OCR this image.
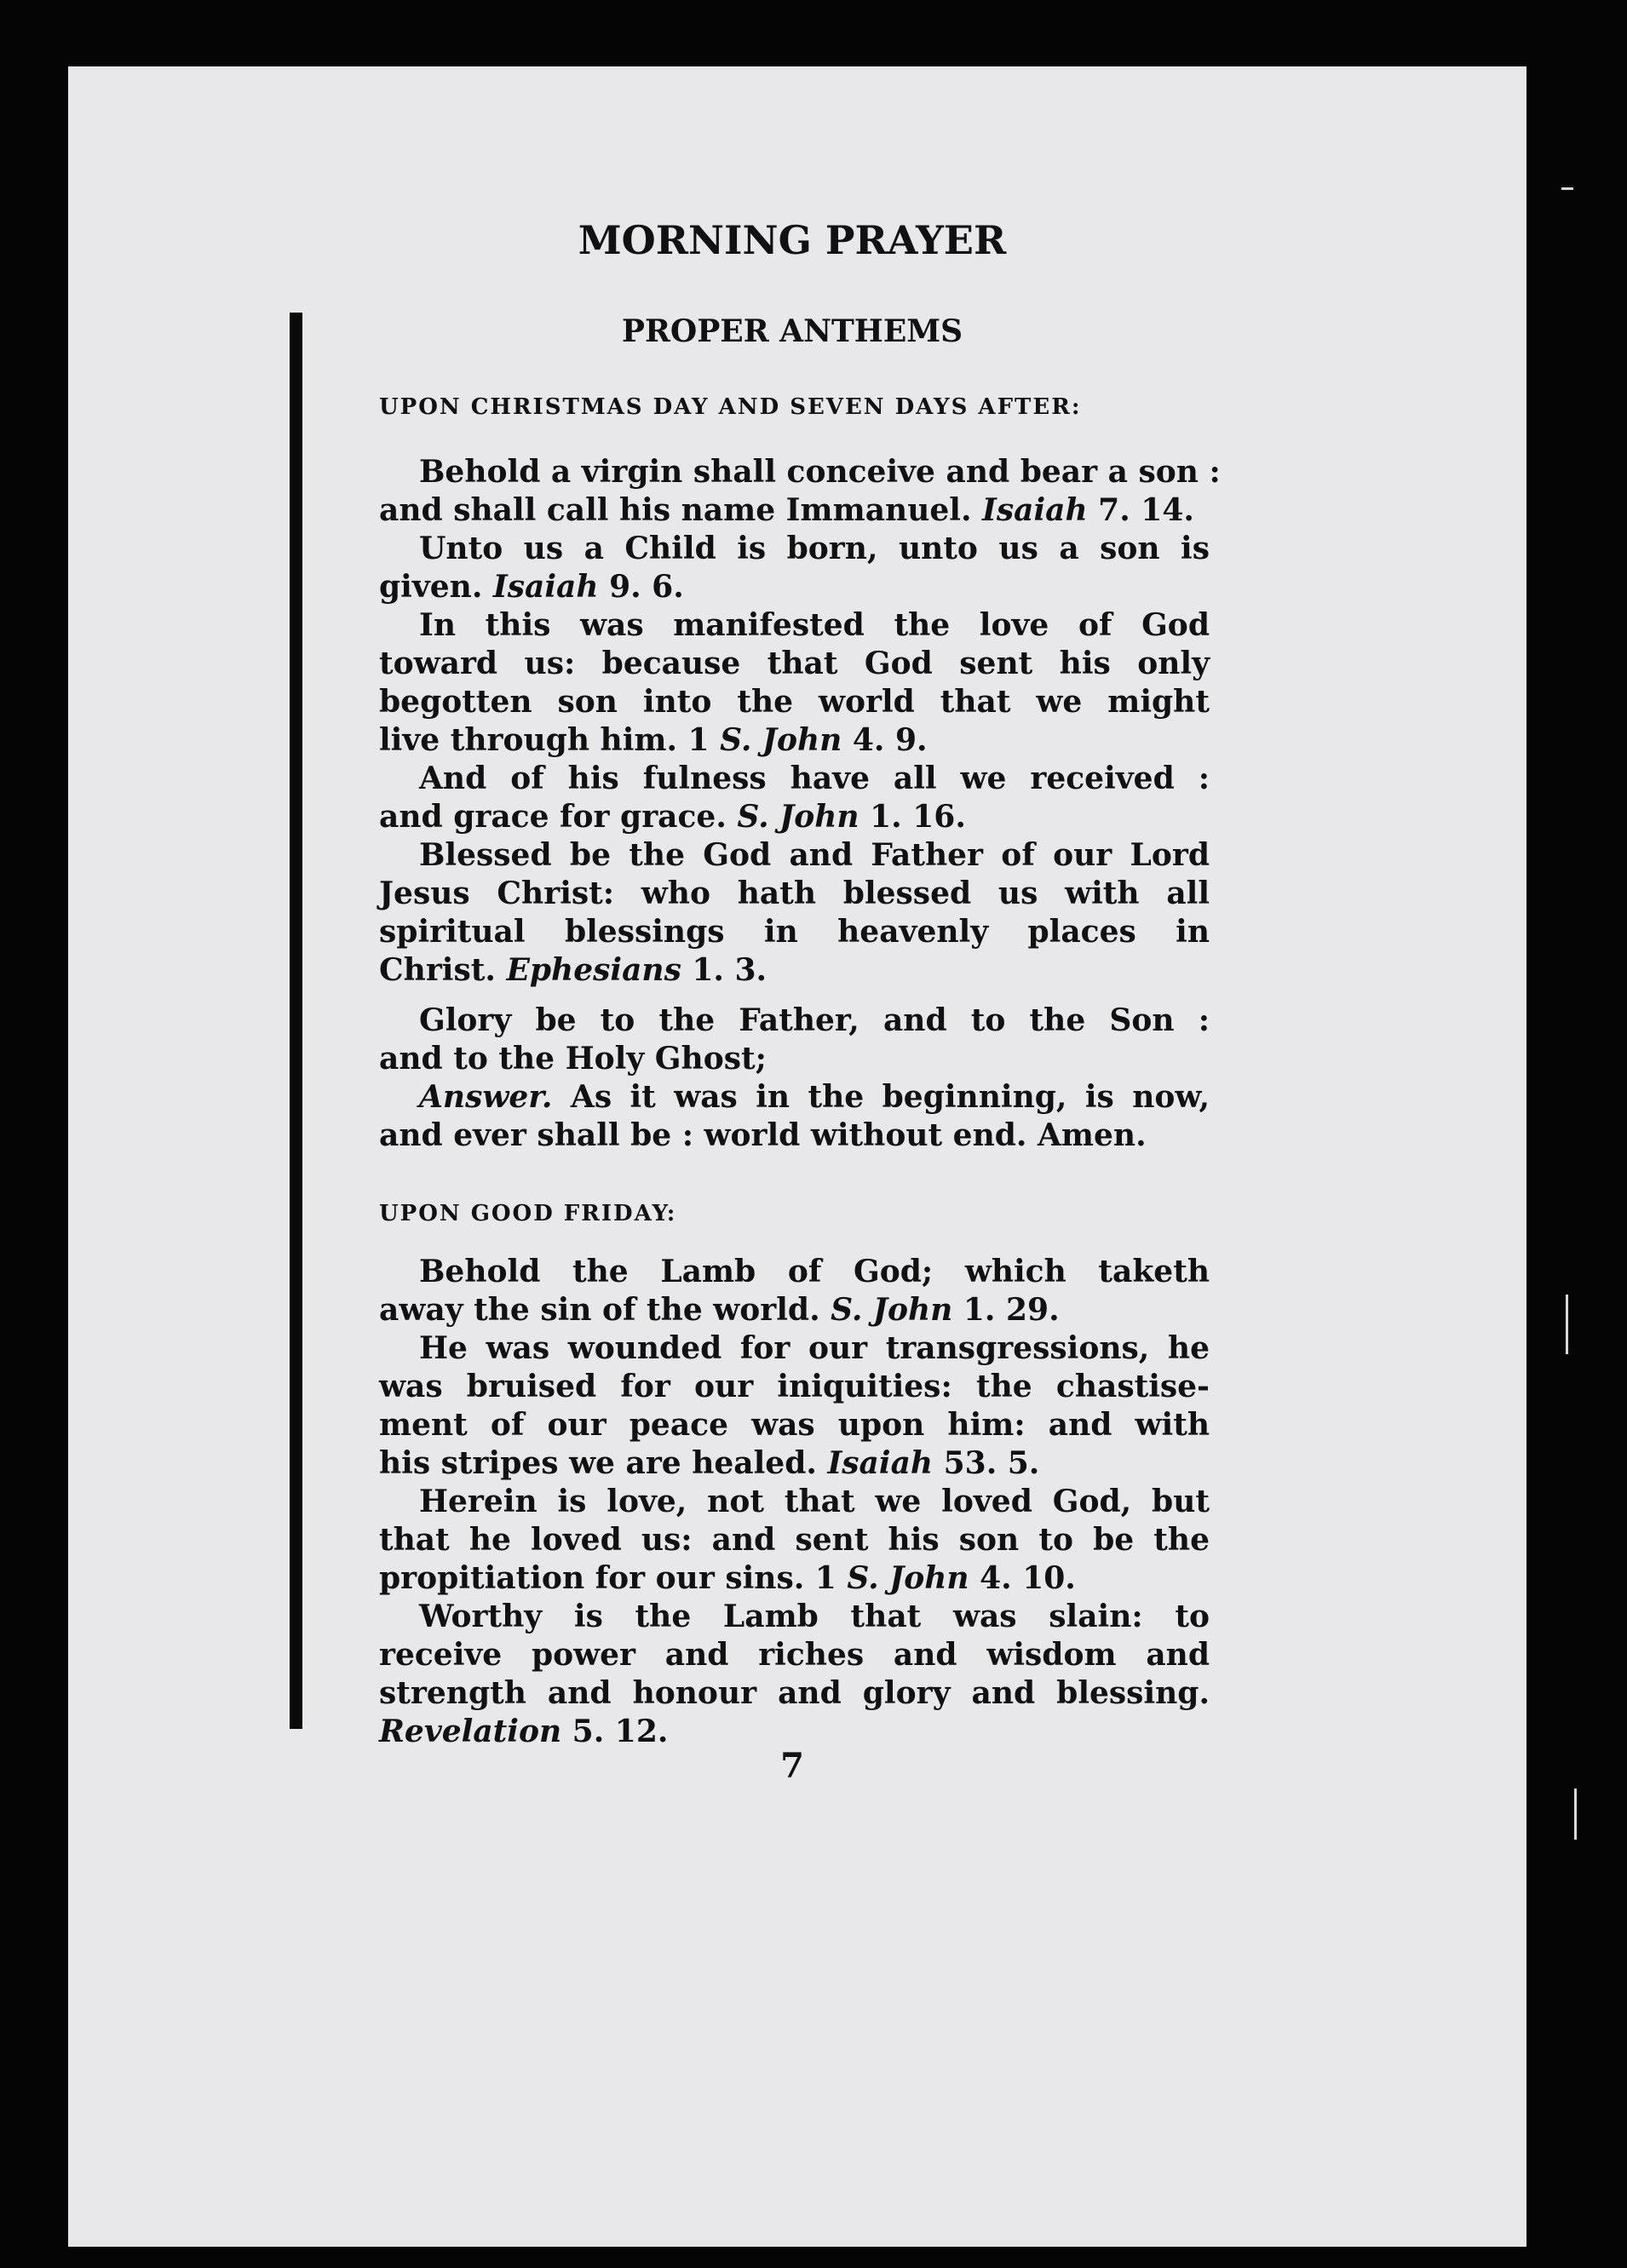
MORNING PRAYER
PROPER ANTHEMS
UPON CHRISTMAS DAY AND SEVEN DAYS AFTER:
Behold a virgin shall conceive and bear a son :
and shall call his name Immanuel. Isaiah 7. 14.
Unto us a Child is born, unto us a son is
given. Isaiah 9. 6.
In this was manifested the love of God
toward us: because that God sent his only
begotten son into the world that we might
live through him. 1 S. John 4. 9.
And of his fulness have all we received :
and grace for grace. S. John 1. 16.
Blessed be the God and Father of our Lord
Jesus Christ: who hath blessed us with all
spiritual blessings in heavenly places in
Christ. Ephesians 1. 3.
Glory be to the Father, and to the Son :
and to the Holy Ghost;
Answer. As it was in the beginning, is now,
and ever shall be : world without end. Amen.
UPON GOOD FRIDAY:
Behold the Lamb of God; which taketh
away the sin of the world. S. John 1. 29.
He was wounded for our transgressions, he
was bruised for our iniquities: the chastise-
ment of our peace was upon him: and with
his stripes we are healed. Isaiah 53. 5.
Herein is love, not that we loved God, but
that he loved us: and sent his son to be the
propitiation for our sins. 1 S. John 4. 10.
Worthy is the Lamb that was slain: to
receive power and riches and wisdom and
strength and honour and glory and blessing.
Revelation 5. 12.
7
